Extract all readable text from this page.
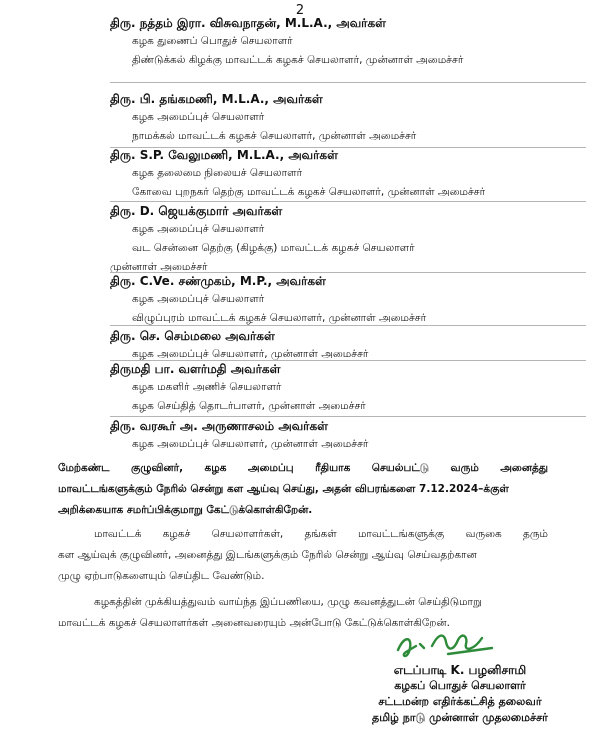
2
திரு. நத்தம் இரா. விசுவநாதன், M.L.A., அவர்கள்
கழக துணைப் பொதுச் செயலாளர்
திண்டுக்கல் கிழக்கு மாவட்டக் கழகச் செயலாளர், முன்னாள் அமைச்சர்
திரு. பி. தங்கமணி, M.L.A., அவர்கள்
கழக அமைப்புச் செயலாளர்
நாமக்கல் மாவட்டக் கழகச் செயலாளர், முன்னாள் அமைச்சர்
திரு. S.P. வேலுமணி, M.L.A., அவர்கள்
கழக தலைமை நிலையச் செயலாளர்
கோவை புறநகர் தெற்கு மாவட்டக் கழகச் செயலாளர், முன்னாள் அமைச்சர்
திரு. D. ஜெயக்குமார் அவர்கள்
கழக அமைப்புச் செயலாளர்
வட சென்னை தெற்கு (கிழக்கு) மாவட்டக் கழகச் செயலாளர்
முன்னாள் அமைச்சர்
திரு. C.Ve. சண்முகம், M.P., அவர்கள்
கழக அமைப்புச் செயலாளர்
விழுப்புரம் மாவட்டக் கழகச் செயலாளர், முன்னாள் அமைச்சர்
திரு. செ. செம்மலை அவர்கள்
கழக அமைப்புச் செயலாளர், முன்னாள் அமைச்சர்
திருமதி பா. வளர்மதி அவர்கள்
கழக மகளிர் அணிச் செயலாளர்
கழக செய்தித் தொடர்பாளர், முன்னாள் அமைச்சர்
திரு. வரகூர் அ. அருணாசலம் அவர்கள்
கழக அமைப்புச் செயலாளர், முன்னாள் அமைச்சர்
மேற்கண்ட குழுவினர், கழக அமைப்பு ரீதியாக செயல்பட்டு வரும் அனைத்து
மாவட்டங்களுக்கும் நேரில் சென்று கள ஆய்வு செய்து, அதன் விபரங்களை 7.12.2024–க்குள்
அறிக்கையாக சமர்ப்பிக்குமாறு கேட்டுக்கொள்கிறேன்.
மாவட்டக் கழகச் செயலாளர்கள், தங்கள் மாவட்டங்களுக்கு வருகை தரும்
கள ஆய்வுக் குழுவினர், அனைத்து இடங்களுக்கும் நேரில் சென்று ஆய்வு செய்வதற்கான
முழு ஏற்பாடுகளையும் செய்திட வேண்டும்.
கழகத்தின் முக்கியத்துவம் வாய்ந்த இப்பணியை, முழு கவனத்துடன் செய்திடுமாறு
மாவட்டக் கழகச் செயலாளர்கள் அனைவரையும் அன்போடு கேட்டுக்கொள்கிறேன்.
எடப்பாடி K. பழனிசாமி
கழகப் பொதுச் செயலாளர்
சட்டமன்ற எதிர்க்கட்சித் தலைவர்
தமிழ் நாடு முன்னாள் முதலமைச்சர்
